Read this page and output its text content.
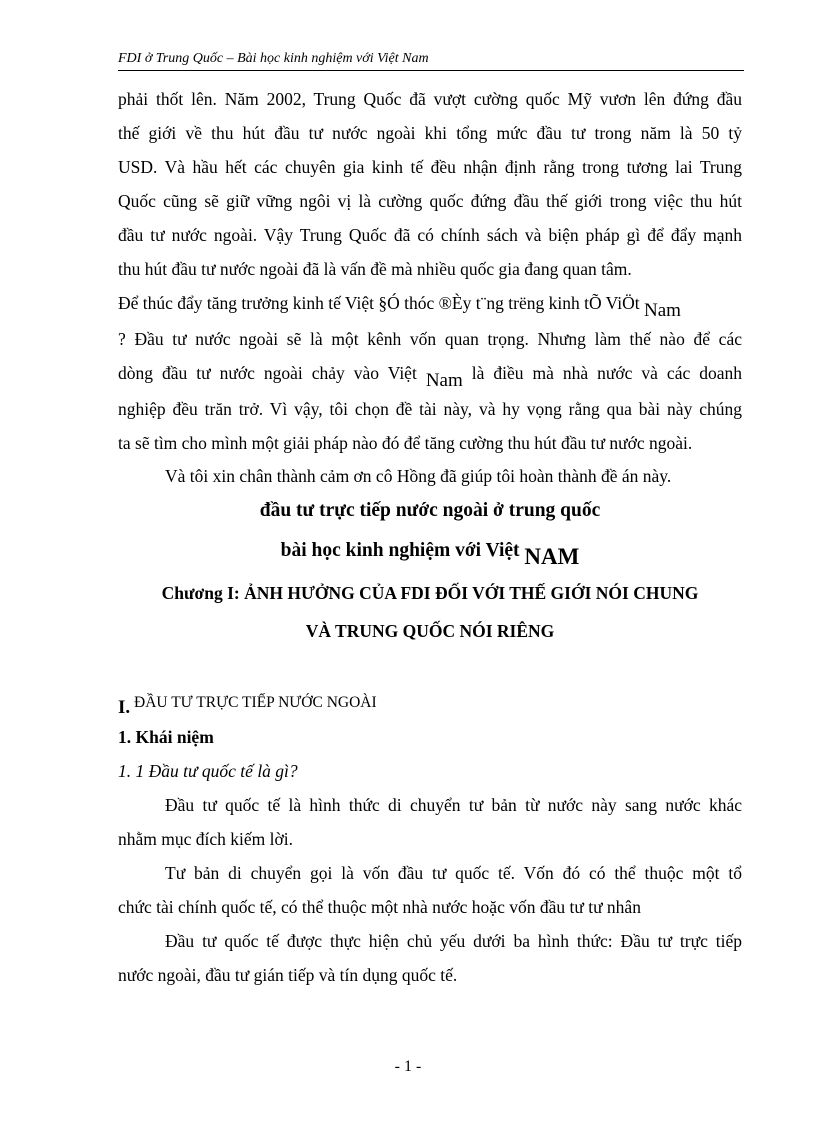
FDI ở Trung Quốc – Bài học kinh nghiệm với Việt Nam
phải thốt lên. Năm 2002, Trung Quốc đã vượt cường quốc Mỹ vươn lên đứng đầu
thế giới về thu hút đầu tư nước ngoài khi tổng mức đầu tư trong năm là 50 tỷ
USD. Và hầu hết các chuyên gia kinh tế đều nhận định rằng trong tương lai Trung
Quốc cũng sẽ giữ vững ngôi vị là cường quốc đứng đầu thế giới trong việc thu hút
đầu tư nước ngoài. Vậy Trung Quốc đã có chính sách và biện pháp gì để đẩy mạnh
thu hút đầu tư nước ngoài đã là vấn đề mà nhiều quốc gia đang quan tâm.
Để thúc đẩy tăng trưởng kinh tế Việt §Ó thóc ®Èy t¨ng trëng kinh tÕ ViÖt Nam
? Đầu tư nước ngoài sẽ là một kênh vốn quan trọng. Nhưng làm thế nào để các
dòng đầu tư nước ngoài chảy vào Việt Nam là điều mà nhà nước và các doanh
nghiệp đều trăn trở. Vì vậy, tôi chọn đề tài này, và hy vọng rằng qua bài này chúng
ta sẽ tìm cho mình một giải pháp nào đó để tăng cường thu hút đầu tư nước ngoài.
Và tôi xin chân thành cảm ơn cô Hồng đã giúp tôi hoàn thành đề án này.
đầu tư trực tiếp nước ngoài ở trung quốc
bài học kinh nghiệm với Việt NAM
Chương I: ẢNH HƯỞNG CỦA FDI ĐỐI VỚI THẾ GIỚI NÓI CHUNG
VÀ TRUNG QUỐC NÓI RIÊNG
I. ĐẦU TƯ TRỰC TIẾP NƯỚC NGOÀI
1. Khái niệm
1. 1 Đầu tư quốc tế là gì?
Đầu tư quốc tế là hình thức di chuyển tư bản từ nước này sang nước khác
nhằm mục đích kiếm lời.
Tư bản di chuyển gọi là vốn đầu tư quốc tế. Vốn đó có thể thuộc một tổ
chức tài chính quốc tế, có thể thuộc một nhà nước hoặc vốn đầu tư tư nhân
Đầu tư quốc tế được thực hiện chủ yếu dưới ba hình thức: Đầu tư trực tiếp
nước ngoài, đầu tư gián tiếp và tín dụng quốc tế.
- 1 -
